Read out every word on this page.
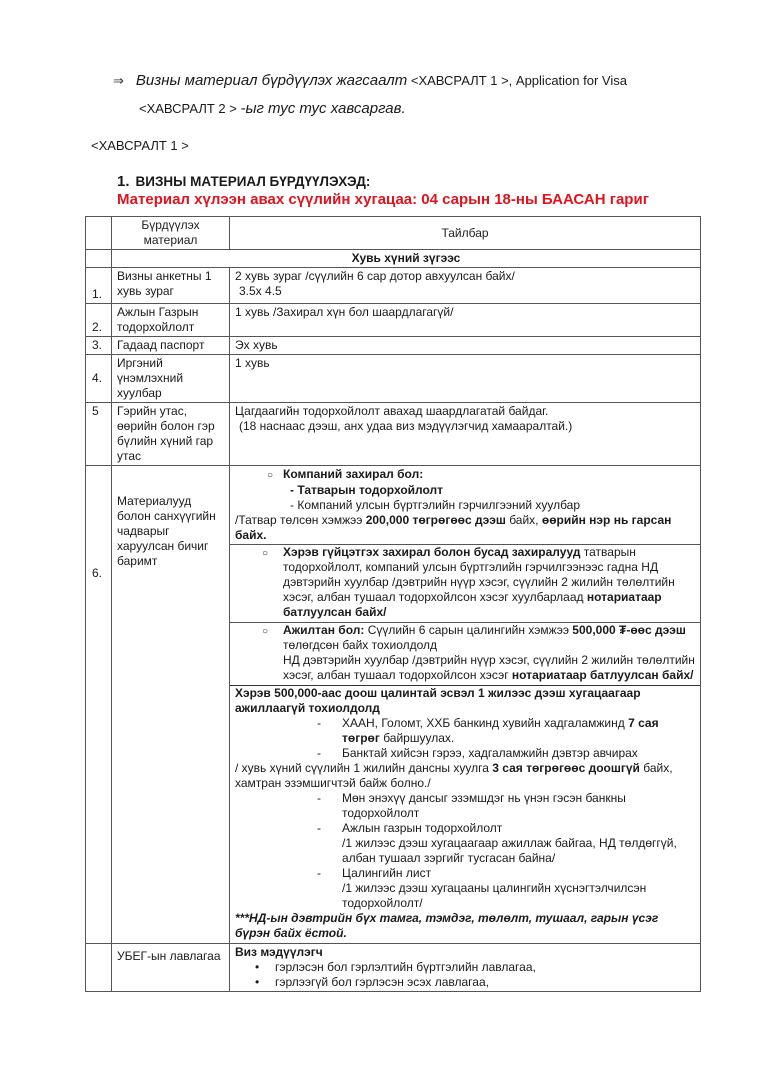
⇒ Визны материал бүрдүүлэх жагсаалт <ХАВСРАЛТ 1 >, Application for Visa
<ХАВСРАЛТ 2 > -ыг тус тус хавсаргав.
<ХАВСРАЛТ 1 >
1. ВИЗНЫ МАТЕРИАЛ БҮРДҮҮЛЭХЭД:
Материал хүлээн авах сүүлийн хугацаа: 04 сарын 18-ны БААСАН гариг
	Бүрдүүлэх материал	Тайлбар
	Хувь хүний зүгээс	
1.	Визны анкетны 1 хувь зураг	2 хувь зураг /сүүлийн 6 сар дотор авхуулсан байх/
3.5x 4.5

2.	Ажлын Газрын тодорхойлолт	1 хувь /Захирал хүн бол шаардлагагүй/
3.	Гадаад паспорт	Эх хувь
4.	Иргэний үнэмлэхний хуулбар	1 хувь
5	Гэрийн утас, өөрийн болон гэр бүлийн хүний гар утас	Цагдаагийн тодорхойлолт авахад шаардлагатай байдаг.
(18 наснаас дээш, анх удаа виз мэдүүлэгчид хамааралтай.)

6.	Материалууд болон санхүүгийн чадварыг харуулсан бичиг баримт	
○ Компаний захирал бол:
- Татварын тодорхойлолт
- Компаний улсын бүртгэлийн гэрчилгээний хуулбар
/Татвар төлсөн хэмжээ 200,000 төгрөгөөс дээш байх, өөрийн нэр нь гарсан байх.
○	Хэрэв гүйцэтгэх захирал болон бусад захиралууд татварын тодорхойлолт, компаний улсын бүртгэлийн гэрчилгээнээс гадна НД дэвтэрийн хуулбар /дэвтрийн нүүр хэсэг, сүүлийн 2 жилийн төлөлтийн хэсэг, албан тушаал тодорхойлсон хэсэг хуулбарлаад нотариатаар батлуулсан байх/
○	Ажилтан бол: Сүүлийн 6 сарын цалингийн хэмжээ 500,000 ₮-өөс дээш төлөгдсөн байх тохиолдолд
НД дэвтэрийн хуулбар /дэвтрийн нүүр хэсэг, сүүлийн 2 жилийн төлөлтийн хэсэг, албан тушаал тодорхойлсон хэсэг нотариатаар батлуулсан байх/
Хэрэв 500,000-аас доош цалинтай эсвэл 1 жилээс дээш хугацаагаар ажиллаагүй тохиолдолд
- ХААН, Голомт, ХХБ банкинд хувийн хадгаламжинд 7 сая төгрөг байршуулах.
- Банктай хийсэн гэрээ, хадгаламжийн дэвтэр авчирах
/ хувь хүний сүүлийн 1 жилийн дансны хуулга 3 сая төгрөгөөс доошгүй байх, хамтран эзэмшигчтэй байж болно./
- Мөн энэхүү дансыг эзэмшдэг нь үнэн гэсэн банкны тодорхойлолт
- Ажлын газрын тодорхойлолт
/1 жилээс дээш хугацаагаар ажиллаж байгаа, НД төлдөггүй, албан тушаал зэргийг тусгасан байна/
- Цалингийн лист
/1 жилээс дээш хугацааны цалингийн хүснэгтэлчилсэн тодорхойлолт/
***НД-ын дэвтрийн бүх тамга, тэмдэг, төлөлт, тушаал, гарын үсэг бүрэн байх ёстой.

	УБЕГ-ын лавлагаа	Виз мэдүүлэгч
• гэрлэсэн бол гэрлэлтийн бүртгэлийн лавлагаа,
• гэрлээгүй бол гэрлэсэн эсэх лавлагаа,
